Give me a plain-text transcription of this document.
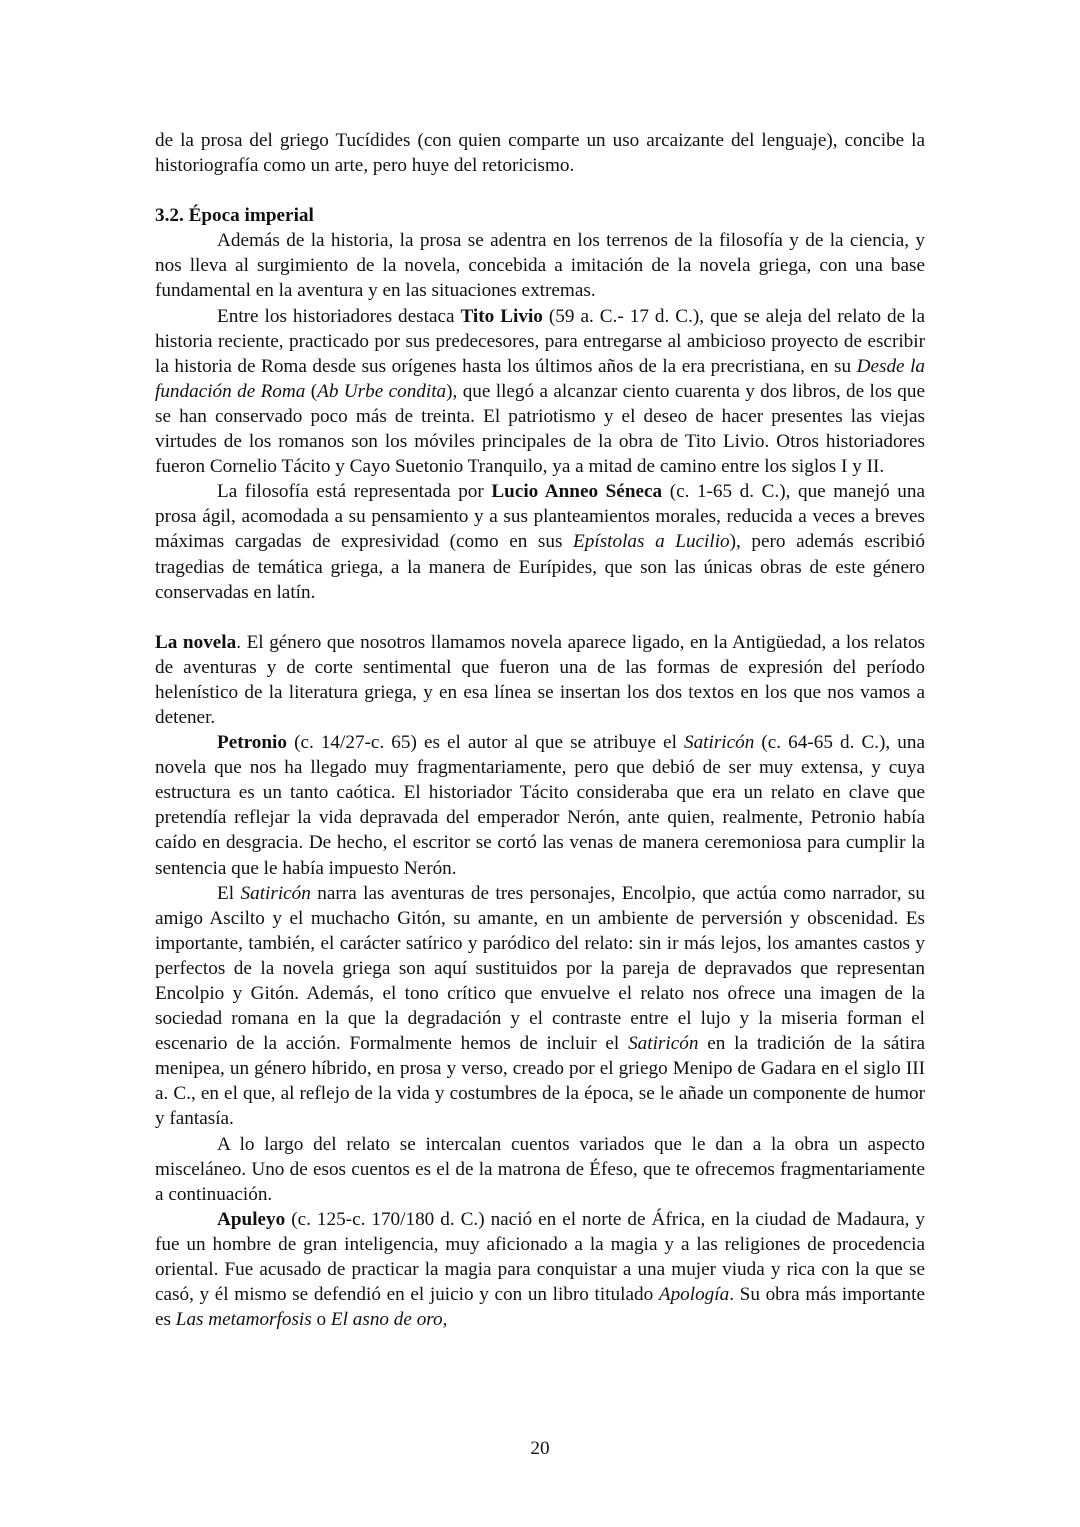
de la prosa del griego Tucídides (con quien comparte un uso arcaizante del lenguaje), concibe la historiografía como un arte, pero huye del retoricismo.

3.2. Época imperial

Además de la historia, la prosa se adentra en los terrenos de la filosofía y de la ciencia, y nos lleva al surgimiento de la novela, concebida a imitación de la novela griega, con una base fundamental en la aventura y en las situaciones extremas.

Entre los historiadores destaca Tito Livio (59 a. C.- 17 d. C.), que se aleja del relato de la historia reciente, practicado por sus predecesores, para entregarse al ambicioso proyecto de escribir la historia de Roma desde sus orígenes hasta los últimos años de la era precristiana, en su Desde la fundación de Roma (Ab Urbe condita), que llegó a alcanzar ciento cuarenta y dos libros, de los que se han conservado poco más de treinta. El patriotismo y el deseo de hacer presentes las viejas virtudes de los romanos son los móviles principales de la obra de Tito Livio. Otros historiadores fueron Cornelio Tácito y Cayo Suetonio Tranquilo, ya a mitad de camino entre los siglos I y II.

La filosofía está representada por Lucio Anneo Séneca (c. 1-65 d. C.), que manejó una prosa ágil, acomodada a su pensamiento y a sus planteamientos morales, reducida a veces a breves máximas cargadas de expresividad (como en sus Epístolas a Lucilio), pero además escribió tragedias de temática griega, a la manera de Eurípides, que son las únicas obras de este género conservadas en latín.

La novela. El género que nosotros llamamos novela aparece ligado, en la Antigüedad, a los relatos de aventuras y de corte sentimental que fueron una de las formas de expresión del período helenístico de la literatura griega, y en esa línea se insertan los dos textos en los que nos vamos a detener.

Petronio (c. 14/27-c. 65) es el autor al que se atribuye el Satiricón (c. 64-65 d. C.), una novela que nos ha llegado muy fragmentariamente, pero que debió de ser muy extensa, y cuya estructura es un tanto caótica. El historiador Tácito consideraba que era un relato en clave que pretendía reflejar la vida depravada del emperador Nerón, ante quien, realmente, Petronio había caído en desgracia. De hecho, el escritor se cortó las venas de manera ceremoniosa para cumplir la sentencia que le había impuesto Nerón.

El Satiricón narra las aventuras de tres personajes, Encolpio, que actúa como narrador, su amigo Ascilto y el muchacho Gitón, su amante, en un ambiente de perversión y obscenidad. Es importante, también, el carácter satírico y paródico del relato: sin ir más lejos, los amantes castos y perfectos de la novela griega son aquí sustituidos por la pareja de depravados que representan Encolpio y Gitón. Además, el tono crítico que envuelve el relato nos ofrece una imagen de la sociedad romana en la que la degradación y el contraste entre el lujo y la miseria forman el escenario de la acción. Formalmente hemos de incluir el Satiricón en la tradición de la sátira menipea, un género híbrido, en prosa y verso, creado por el griego Menipo de Gadara en el siglo III a. C., en el que, al reflejo de la vida y costumbres de la época, se le añade un componente de humor y fantasía.

A lo largo del relato se intercalan cuentos variados que le dan a la obra un aspecto misceláneo. Uno de esos cuentos es el de la matrona de Éfeso, que te ofrecemos fragmentariamente a continuación.

Apuleyo (c. 125-c. 170/180 d. C.) nació en el norte de África, en la ciudad de Madaura, y fue un hombre de gran inteligencia, muy aficionado a la magia y a las religiones de procedencia oriental. Fue acusado de practicar la magia para conquistar a una mujer viuda y rica con la que se casó, y él mismo se defendió en el juicio y con un libro titulado Apología. Su obra más importante es Las metamorfosis o El asno de oro,

20
